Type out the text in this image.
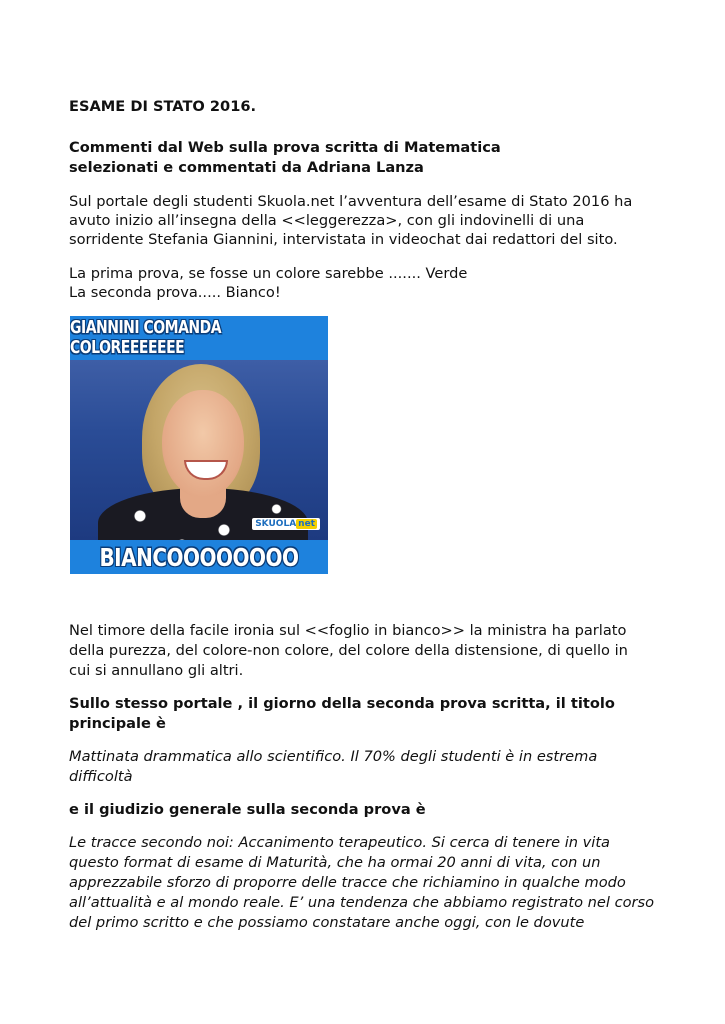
ESAME DI STATO 2016.
Commenti dal Web sulla prova scritta di Matematica
selezionati e commentati da Adriana Lanza
Sul portale degli studenti Skuola.net l’avventura dell’esame di Stato 2016 ha
avuto inizio all’insegna della <<leggerezza>, con gli indovinelli di una
sorridente Stefania Giannini, intervistata in videochat dai redattori del sito.
La prima prova, se fosse un colore sarebbe ....... Verde
La seconda prova..... Bianco!
Nel timore della facile ironia sul <<foglio in bianco>> la ministra ha parlato
della purezza, del colore-non colore, del colore della distensione, di quello in
cui si annullano gli altri.
Sullo stesso portale , il giorno della seconda prova scritta, il titolo
principale è
Mattinata drammatica allo scientifico. Il 70% degli studenti è in estrema
difficoltà
e il giudizio generale sulla seconda prova è
Le tracce secondo noi: Accanimento terapeutico. Si cerca di tenere in vita
questo format di esame di Maturità, che ha ormai 20 anni di vita, con un
apprezzabile sforzo di proporre delle tracce che richiamino in qualche modo
all’attualità e al mondo reale. E’ una tendenza che abbiamo registrato nel corso
del primo scritto e che possiamo constatare anche oggi, con le dovute
GIANNINI COMANDA COLOREEEEEEE
SKUOLA net
BIANCOOOOOOOO
